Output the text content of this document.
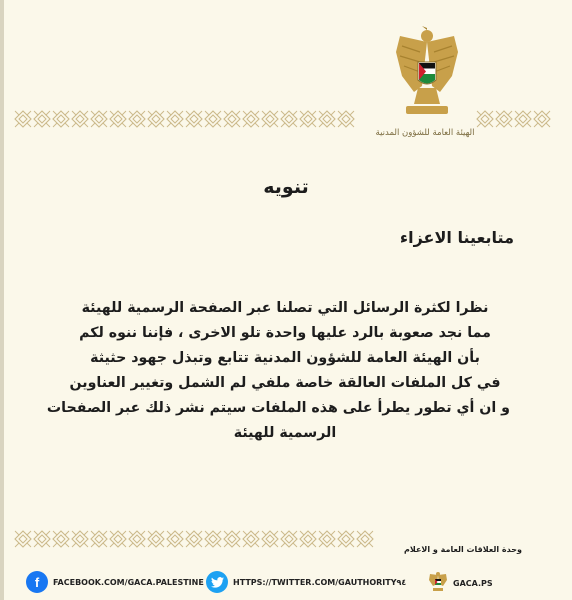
الهيئة العامة للشؤون المدنية
تنويه
متابعينا الاعزاء
نظرا لكثرة الرسائل التي تصلنا عبر الصفحة الرسمية للهيئة
مما نجد صعوبة بالرد عليها واحدة تلو الاخرى ، فإننا ننوه لكم
بأن الهيئة العامة للشؤون المدنية تتابع وتبذل جهود حثيثة
في كل الملفات العالقة خاصة ملفي لم الشمل وتغيير العناوين
و ان أي تطور يطرأ على هذه الملفات سيتم نشر ذلك عبر الصفحات
الرسمية للهيئة
وحدة العلاقات العامة و الاعلام
f	FACEBOOK.COM/GACA.PALESTINE	HTTPS://TWITTER.COM/GAUTHORITY٩٤	GACA.PS
